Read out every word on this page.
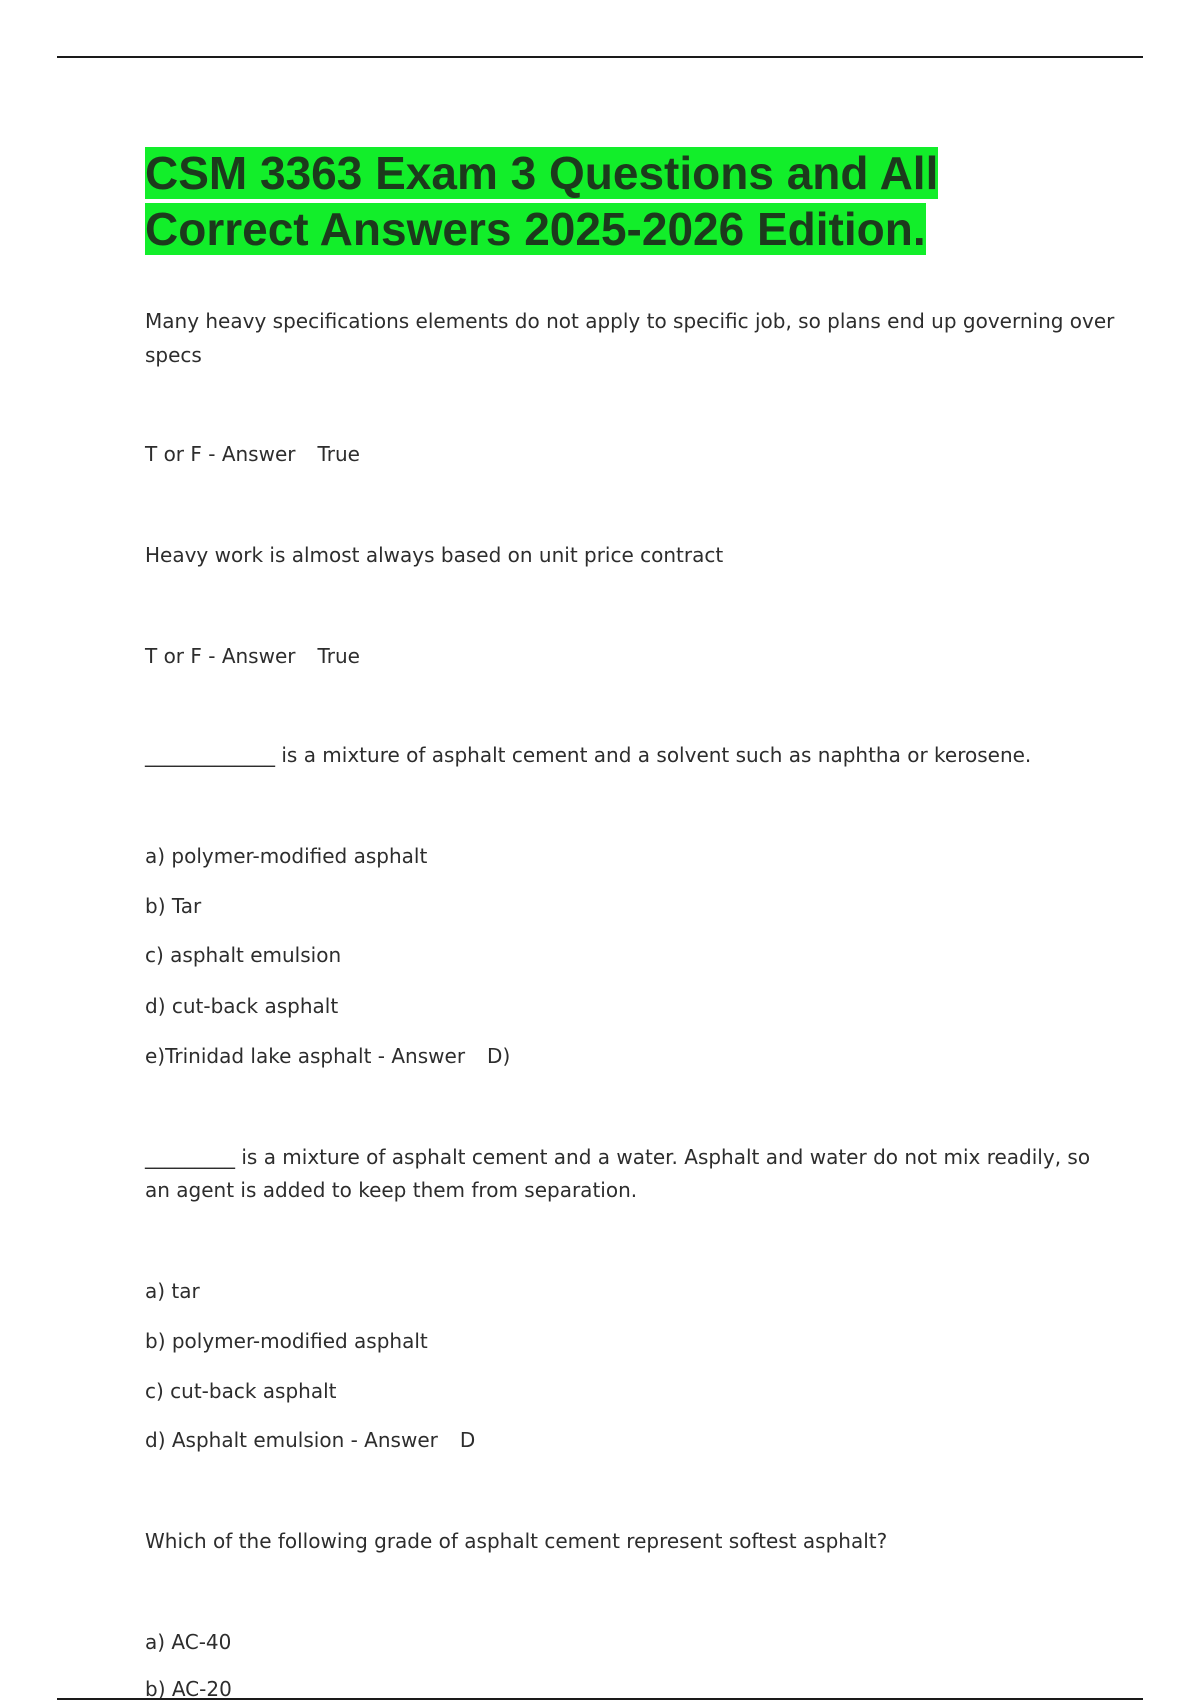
CSM 3363 Exam 3 Questions and All
Correct Answers 2025-2026 Edition.

Many heavy specifications elements do not apply to specific job, so plans end up governing over

specs

T or F - Answer True

Heavy work is almost always based on unit price contract

T or F - Answer True

_____________ is a mixture of asphalt cement and a solvent such as naphtha or kerosene.

a) polymer-modified asphalt

b) Tar

c) asphalt emulsion

d) cut-back asphalt

e)Trinidad lake asphalt - Answer D)

_________ is a mixture of asphalt cement and a water. Asphalt and water do not mix readily, so

an agent is added to keep them from separation.

a) tar

b) polymer-modified asphalt

c) cut-back asphalt

d) Asphalt emulsion - Answer D

Which of the following grade of asphalt cement represent softest asphalt?

a) AC-40

b) AC-20
